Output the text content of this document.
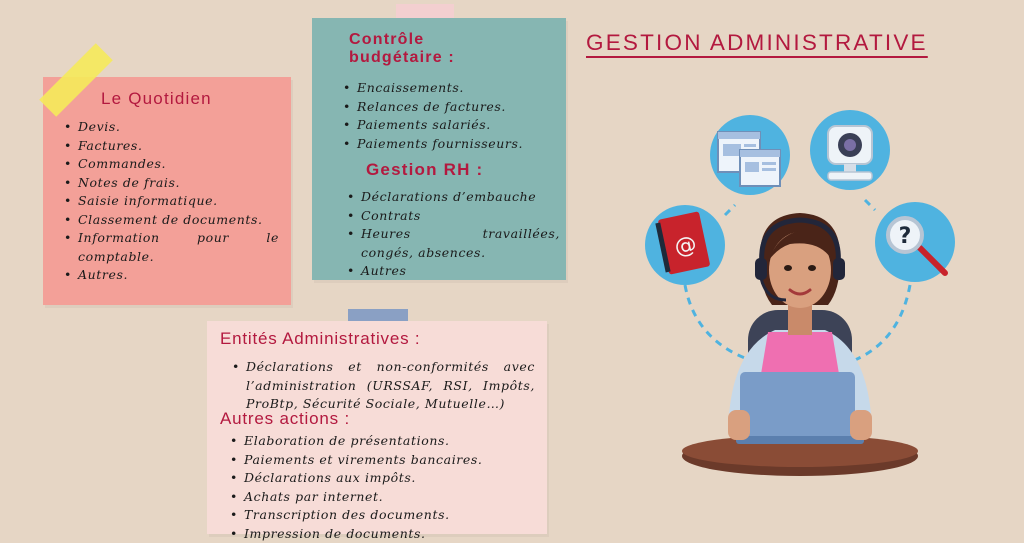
Le Quotidien
• Devis.
• Factures.
• Commandes.
• Notes de frais.
• Saisie informatique.
• Classement de documents.
• Information pour le
comptable.
• Autres.
Contrôle
budgétaire :
• Encaissements.
• Relances de factures.
• Paiements salariés.
• Paiements fournisseurs.
Gestion RH :
• Déclarations d’embauche
• Contrats
• Heures travaillées,
congés, absences.
• Autres
Entités Administratives :
• Déclarations et non-conformités avec l’administration (URSSAF, RSI, Impôts, ProBtp, Sécurité Sociale, Mutuelle…)
Autres actions :
• Elaboration de présentations.
• Paiements et virements bancaires.
• Déclarations aux impôts.
• Achats par internet.
• Transcription des documents.
• Impression de documents.
GESTION ADMINISTRATIVE
@	?
